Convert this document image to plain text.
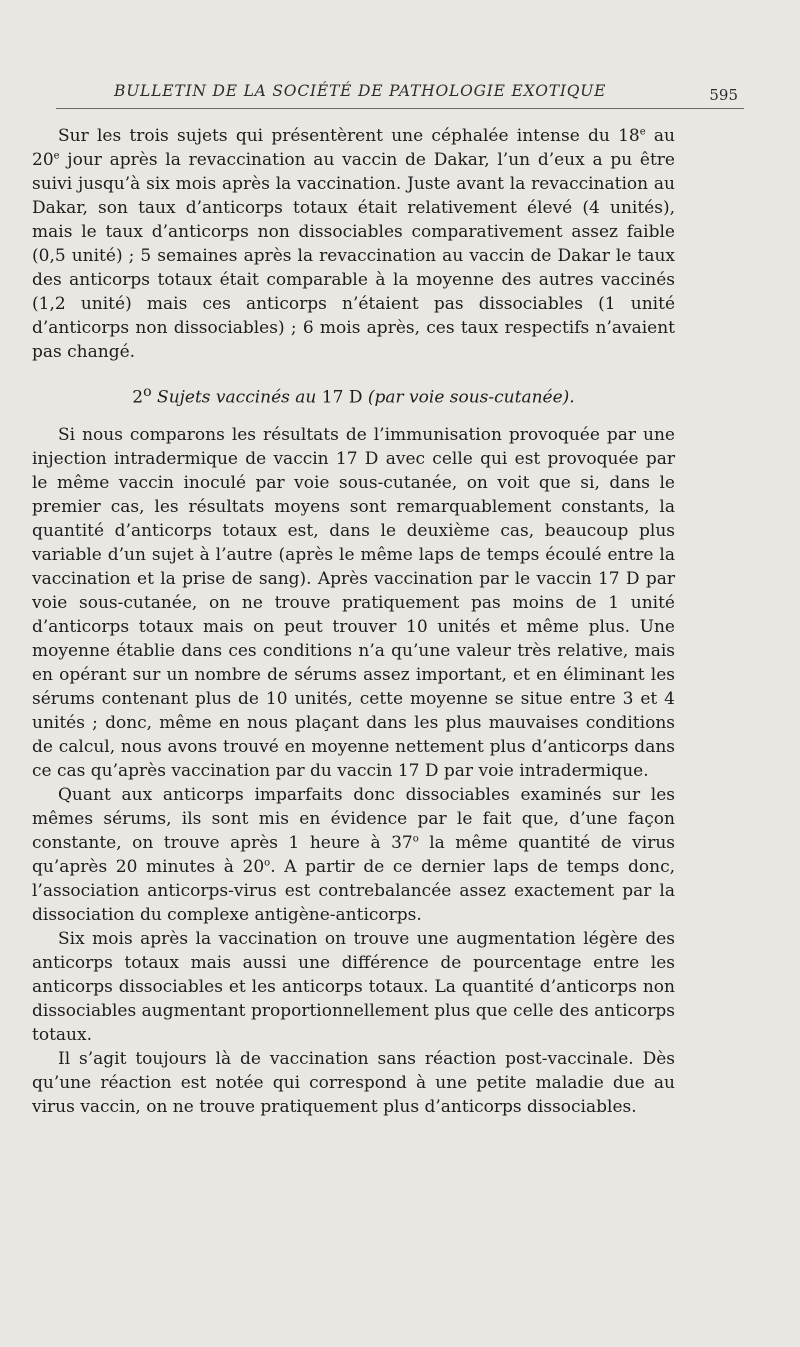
BULLETIN DE LA SOCIÉTÉ DE PATHOLOGIE EXOTIQUE	595

Sur les trois sujets qui présentèrent une céphalée intense du 18e au 20e jour après la revaccination au vaccin de Dakar, l’un d’eux a pu être suivi jusqu’à six mois après la vaccination. Juste avant la revaccination au Dakar, son taux d’anticorps totaux était relativement élevé (4 unités), mais le taux d’anticorps non dissociables comparativement assez faible (0,5 unité) ; 5 semaines après la revaccination au vaccin de Dakar le taux des anticorps totaux était comparable à la moyenne des autres vaccinés (1,2 unité) mais ces anticorps n’étaient pas dissociables (1 unité d’anticorps non dissociables) ; 6 mois après, ces taux respectifs n’avaient pas changé.

2$^o$ Sujets vaccinés au 17 D (par voie sous-cutanée).

Si nous comparons les résultats de l’immunisation provoquée par une injection intradermique de vaccin 17 D avec celle qui est provoquée par le même vaccin inoculé par voie sous-cutanée, on voit que si, dans le premier cas, les résultats moyens sont remarquablement constants, la quantité d’anticorps totaux est, dans le deuxième cas, beaucoup plus variable d’un sujet à l’autre (après le même laps de temps écoulé entre la vaccination et la prise de sang). Après vaccination par le vaccin 17 D par voie sous-cutanée, on ne trouve pratiquement pas moins de 1 unité d’anticorps totaux mais on peut trouver 10 unités et même plus. Une moyenne établie dans ces conditions n’a qu’une valeur très relative, mais en opérant sur un nombre de sérums assez important, et en éliminant les sérums contenant plus de 10 unités, cette moyenne se situe entre 3 et 4 unités ; donc, même en nous plaçant dans les plus mauvaises conditions de calcul, nous avons trouvé en moyenne nettement plus d’anticorps dans ce cas qu’après vaccination par du vaccin 17 D par voie intradermique.

Quant aux anticorps imparfaits donc dissociables examinés sur les mêmes sérums, ils sont mis en évidence par le fait que, d’une façon constante, on trouve après 1 heure à 37$^o$ la même quantité de virus qu’après 20 minutes à 20$^o$. A partir de ce dernier laps de temps donc, l’association anticorps-virus est contrebalancée assez exactement par la dissociation du complexe antigène-anticorps.

Six mois après la vaccination on trouve une augmentation légère des anticorps totaux mais aussi une différence de pourcentage entre les anticorps dissociables et les anticorps totaux. La quantité d’anticorps non dissociables augmentant proportionnellement plus que celle des anticorps totaux.

Il s’agit toujours là de vaccination sans réaction post-vaccinale. Dès qu’une réaction est notée qui correspond à une petite maladie due au virus vaccin, on ne trouve pratiquement plus d’anticorps dissociables.
